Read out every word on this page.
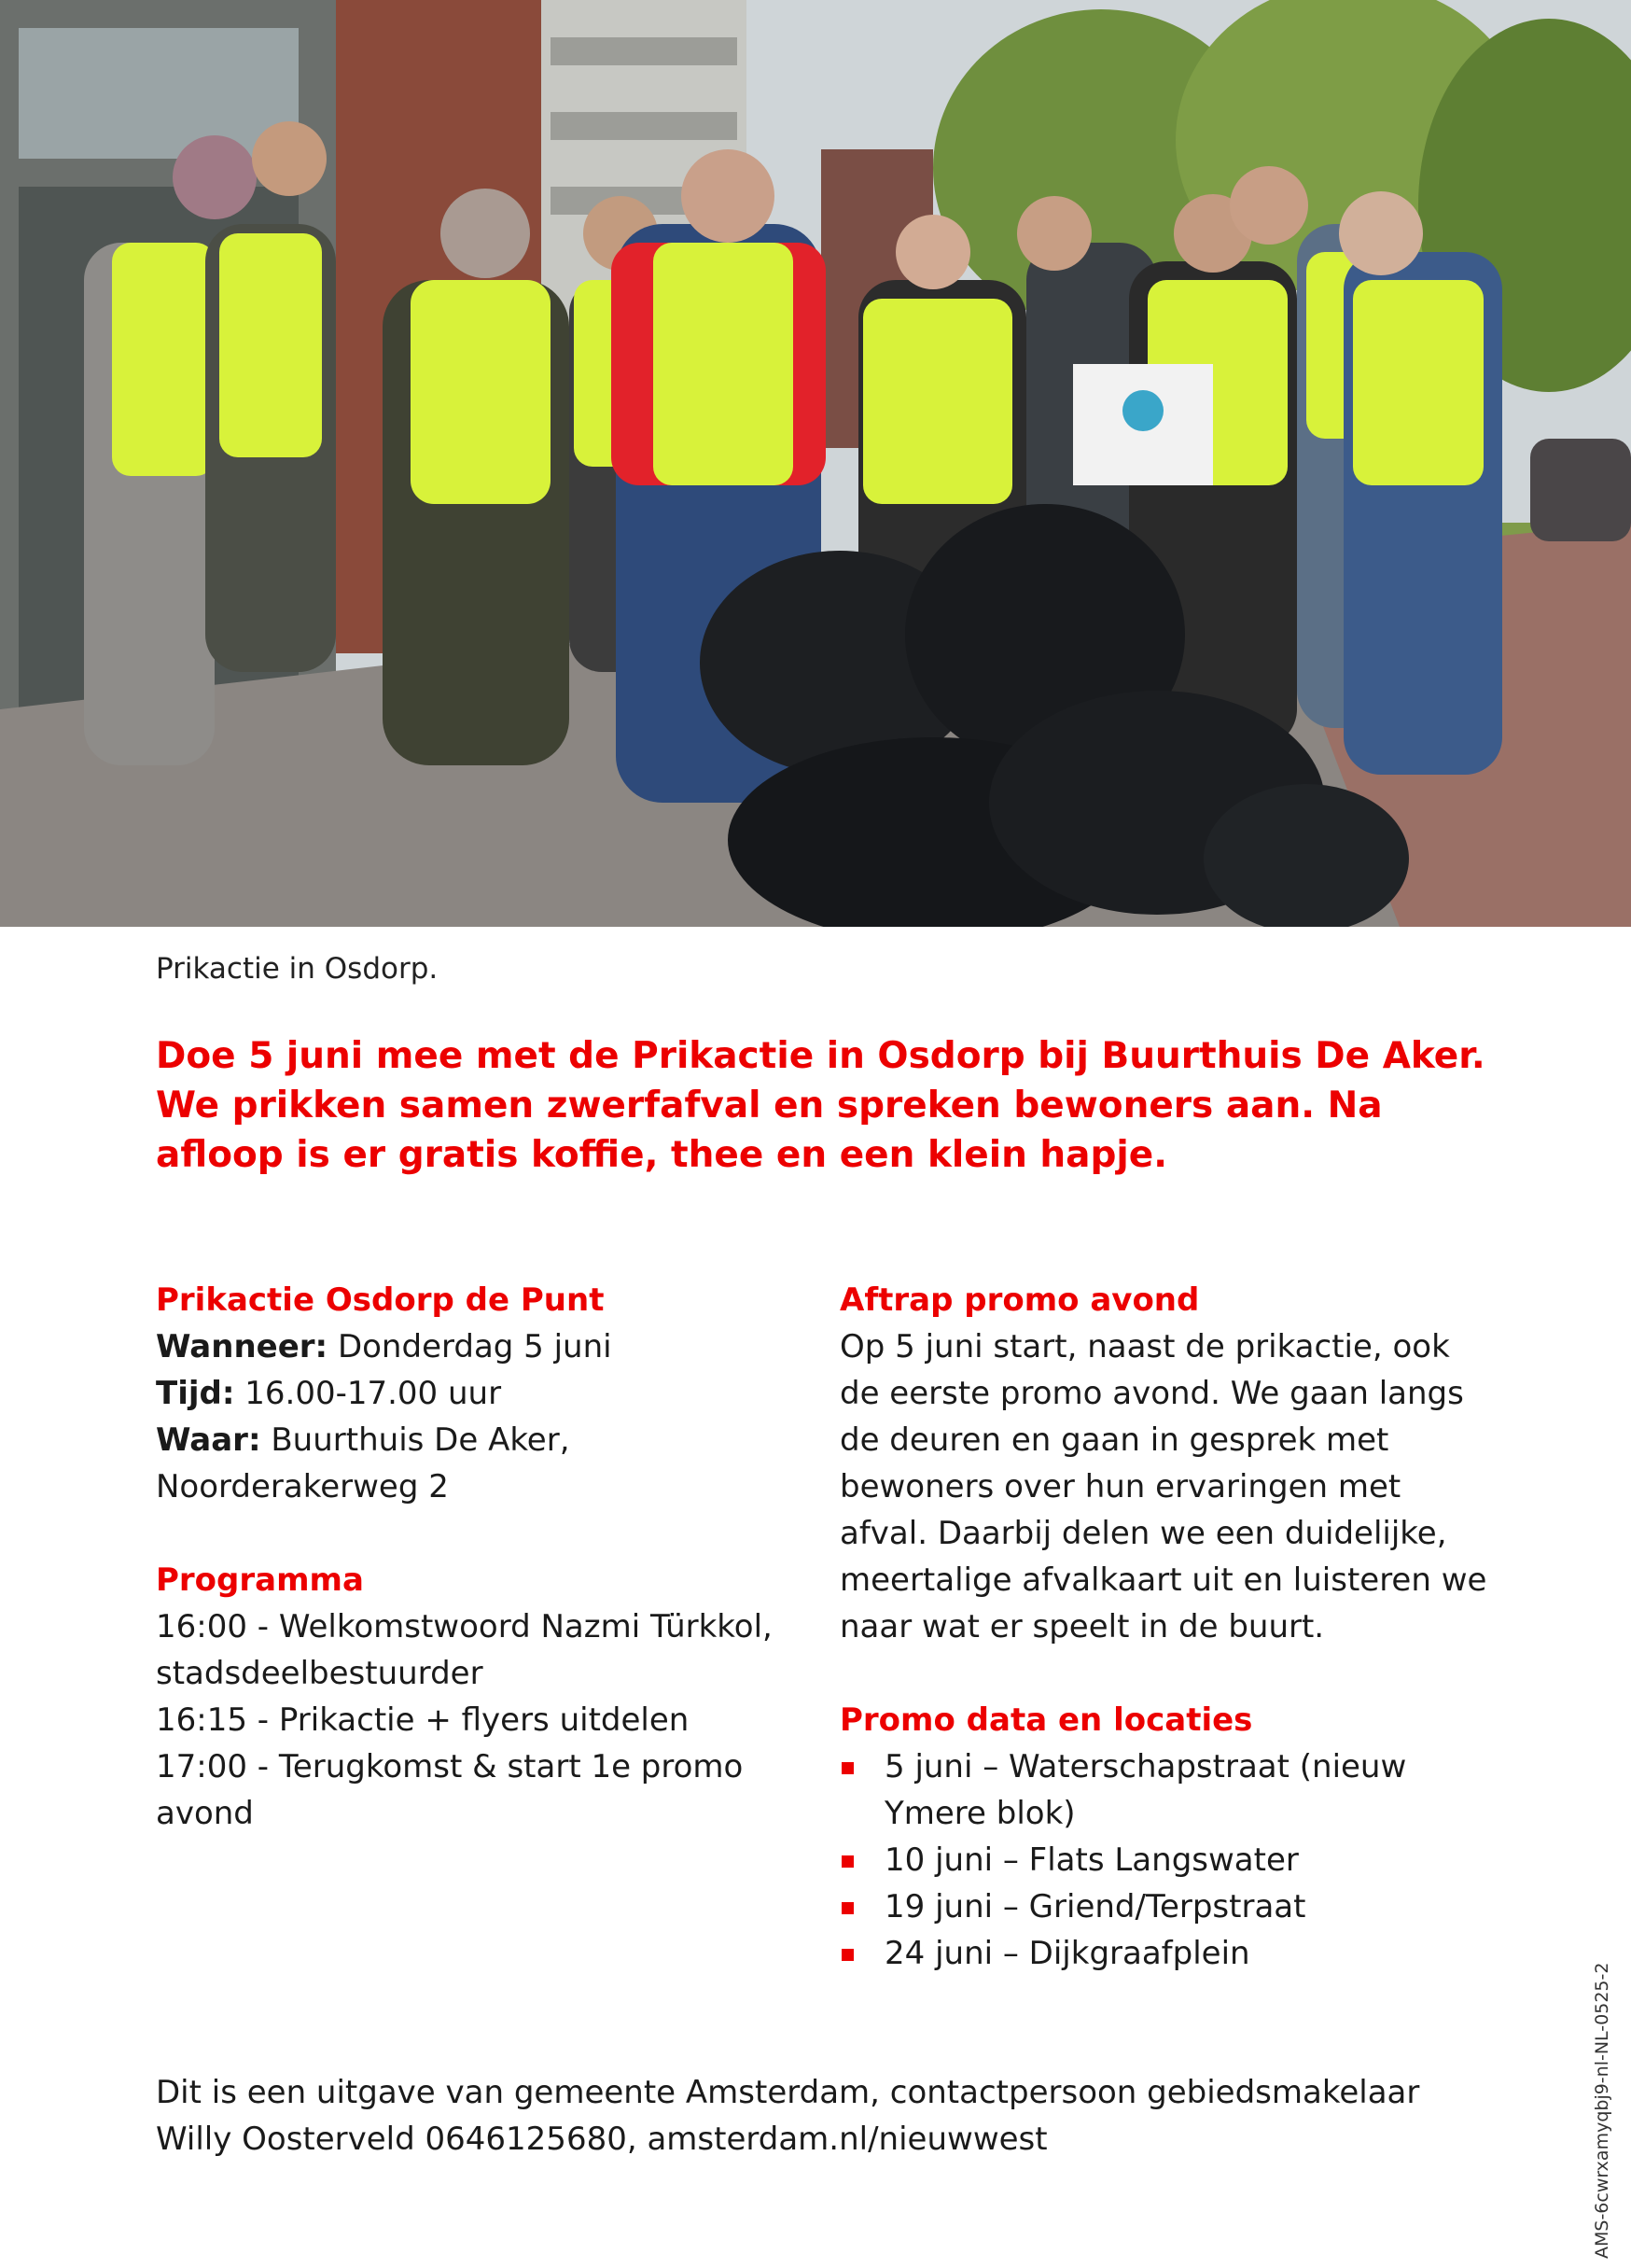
Prikactie in Osdorp.
Doe 5 juni mee met de Prikactie in Osdorp bij Buurthuis De Aker. We prikken samen zwerfafval en spreken bewoners aan. Na afloop is er gratis koffie, thee en een klein hapje.
Prikactie Osdorp de Punt
Wanneer: Donderdag 5 juni
Tijd: 16.00-17.00 uur
Waar: Buurthuis De Aker,
Noorderakerweg 2
Programma
16:00 - Welkomstwoord Nazmi Türkkol, stadsdeelbestuurder
16:15 - Prikactie + flyers uitdelen
17:00 - Terugkomst & start 1e promo avond
Aftrap promo avond
Op 5 juni start, naast de prikactie, ook de eerste promo avond. We gaan langs de deuren en gaan in gesprek met bewoners over hun ervaringen met afval. Daarbij delen we een duidelijke, meertalige afvalkaart uit en luisteren we naar wat er speelt in de buurt.
Promo data en locaties
5 juni – Waterschapstraat (nieuw Ymere blok)
10 juni – Flats Langswater
19 juni – Griend/Terpstraat
24 juni – Dijkgraafplein
Dit is een uitgave van gemeente Amsterdam, contactpersoon gebiedsmakelaar
Willy Oosterveld 0646125680, amsterdam.nl/nieuwwest	AMS-6cwrxamyqbj9-nl-NL-0525-2
